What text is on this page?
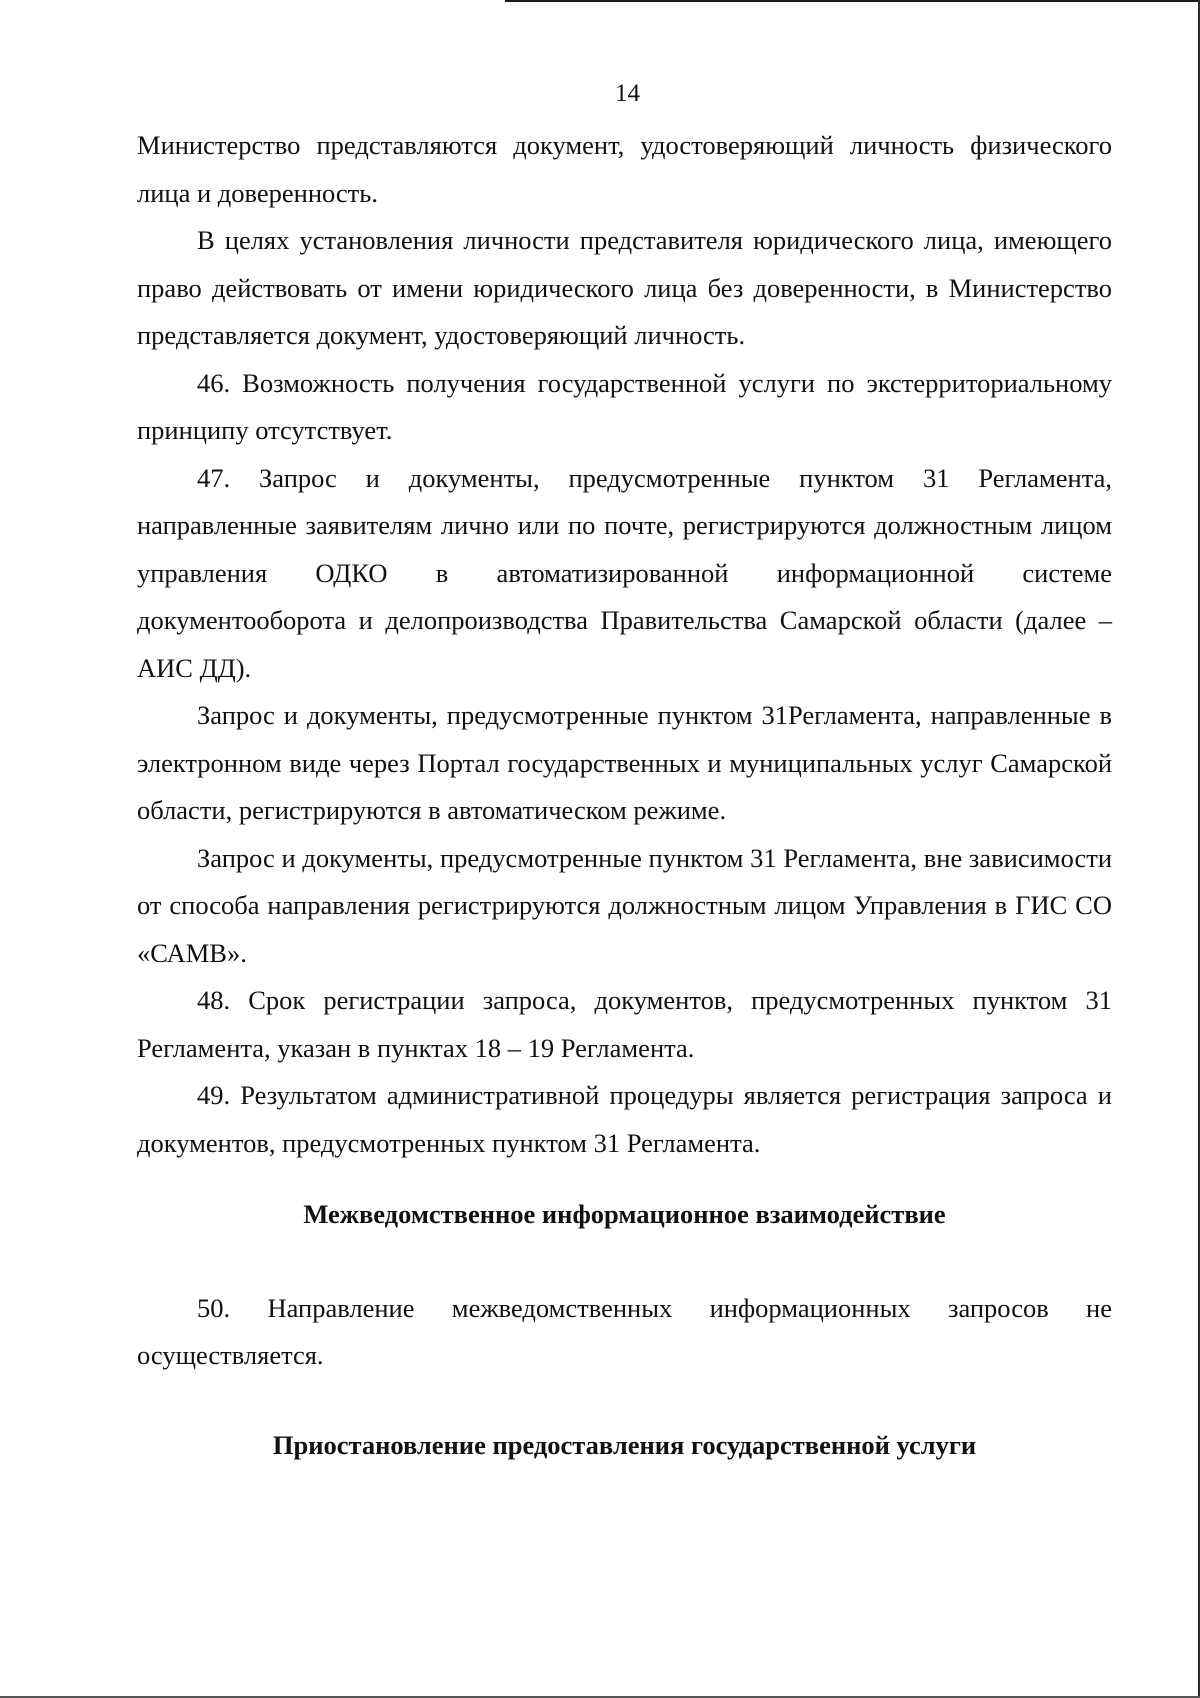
14

Министерство представляются документ, удостоверяющий личность физического лица и доверенность.

В целях установления личности представителя юридического лица, имеющего право действовать от имени юридического лица без доверенности, в Министерство представляется документ, удостоверяющий личность.

46. Возможность получения государственной услуги по экстерриториальному принципу отсутствует.

47. Запрос и документы, предусмотренные пунктом 31 Регламента, направленные заявителям лично или по почте, регистрируются должностным лицом управления ОДКО в автоматизированной информационной системе документооборота и делопроизводства Правительства Самарской области (далее – АИС ДД).

Запрос и документы, предусмотренные пунктом 31Регламента, направленные в электронном виде через Портал государственных и муниципальных услуг Самарской области, регистрируются в автоматическом режиме.

Запрос и документы, предусмотренные пунктом 31 Регламента, вне зависимости от способа направления регистрируются должностным лицом Управления в ГИС СО «САМВ».

48. Срок регистрации запроса, документов, предусмотренных пунктом 31 Регламента, указан в пунктах 18 – 19 Регламента.

49. Результатом административной процедуры является регистрация запроса и документов, предусмотренных пунктом 31 Регламента.

Межведомственное информационное взаимодействие

50. Направление межведомственных информационных запросов не осуществляется.

Приостановление предоставления государственной услуги
